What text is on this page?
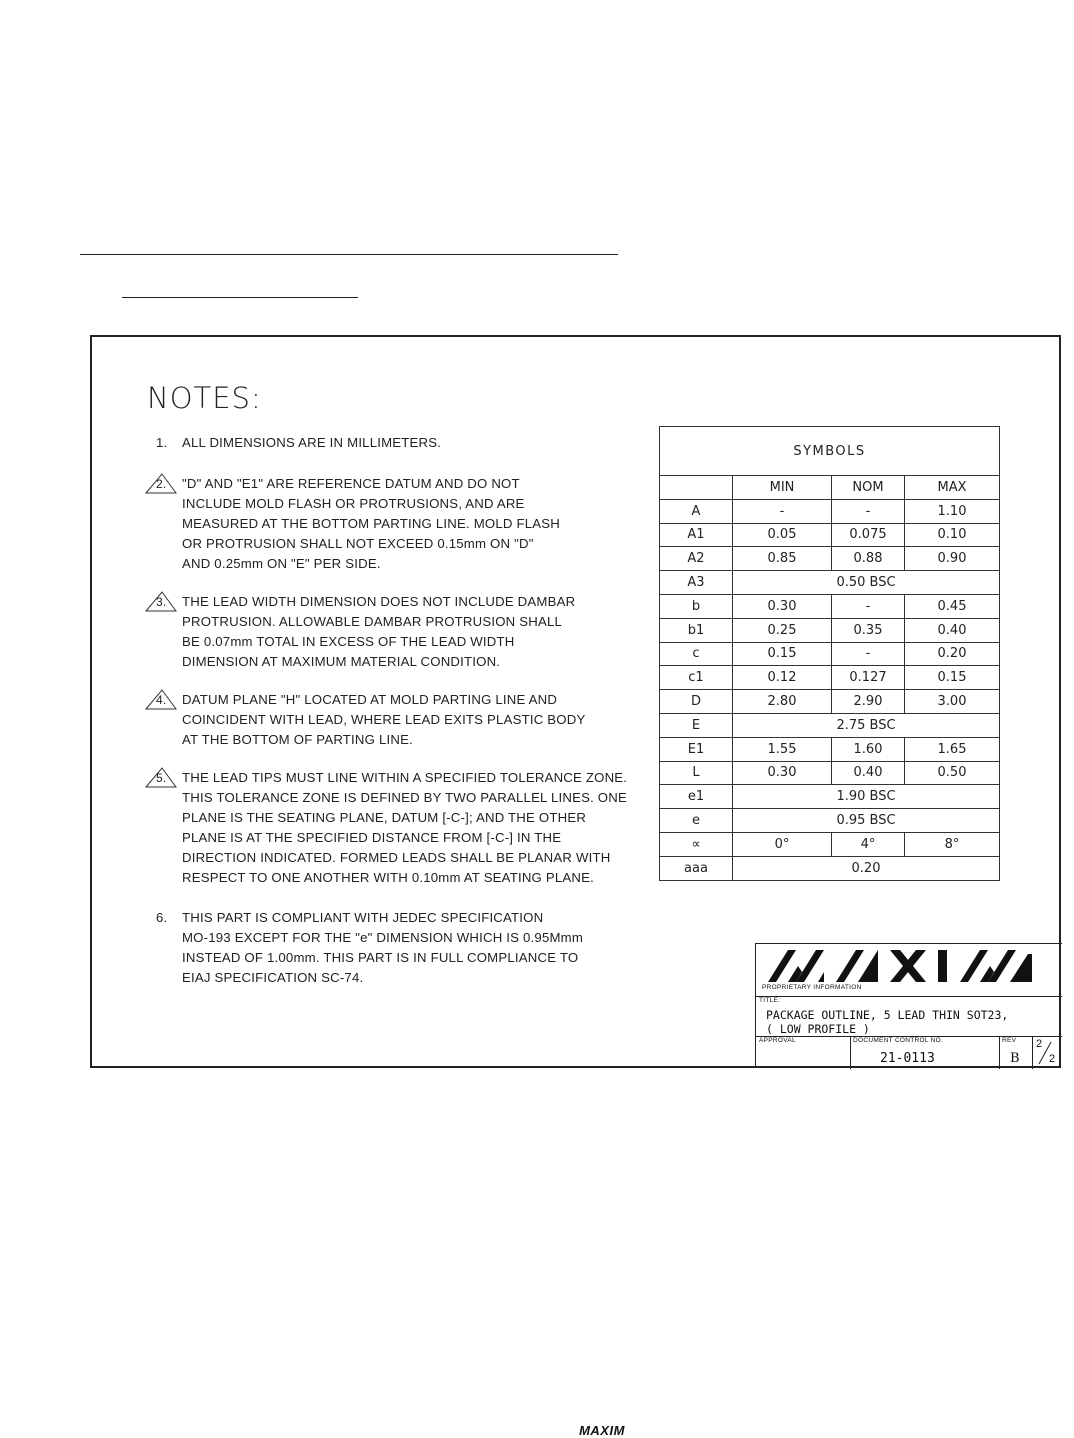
NOTES:
1. ALL DIMENSIONS ARE IN MILLIMETERS.
2. "D" AND "E1" ARE REFERENCE DATUM AND DO NOT
INCLUDE MOLD FLASH OR PROTRUSIONS, AND ARE
MEASURED AT THE BOTTOM PARTING LINE. MOLD FLASH
OR PROTRUSION SHALL NOT EXCEED 0.15mm ON "D"
AND 0.25mm ON "E" PER SIDE.
3. THE LEAD WIDTH DIMENSION DOES NOT INCLUDE DAMBAR
PROTRUSION. ALLOWABLE DAMBAR PROTRUSION SHALL
BE 0.07mm TOTAL IN EXCESS OF THE LEAD WIDTH
DIMENSION AT MAXIMUM MATERIAL CONDITION.
4. DATUM PLANE "H" LOCATED AT MOLD PARTING LINE AND
COINCIDENT WITH LEAD, WHERE LEAD EXITS PLASTIC BODY
AT THE BOTTOM OF PARTING LINE.
5. THE LEAD TIPS MUST LINE WITHIN A SPECIFIED TOLERANCE ZONE.
THIS TOLERANCE ZONE IS DEFINED BY TWO PARALLEL LINES. ONE
PLANE IS THE SEATING PLANE, DATUM [-C-]; AND THE OTHER
PLANE IS AT THE SPECIFIED DISTANCE FROM [-C-] IN THE
DIRECTION INDICATED. FORMED LEADS SHALL BE PLANAR WITH
RESPECT TO ONE ANOTHER WITH 0.10mm AT SEATING PLANE.
6. THIS PART IS COMPLIANT WITH JEDEC SPECIFICATION
MO-193 EXCEPT FOR THE "e" DIMENSION WHICH IS 0.95Mmm
INSTEAD OF 1.00mm. THIS PART IS IN FULL COMPLIANCE TO
EIAJ SPECIFICATION SC-74.
SYMBOLS			
	MIN	NOM	MAX
A	-	-	1.10
A1	0.05	0.075	0.10
A2	0.85	0.88	0.90
A3	0.50 BSC		
b	0.30	-	0.45
b1	0.25	0.35	0.40
c	0.15	-	0.20
c1	0.12	0.127	0.15
D	2.80	2.90	3.00
E	2.75 BSC		
E1	1.55	1.60	1.65
L	0.30	0.40	0.50
e1	1.90 BSC		
e	0.95 BSC		
∝	0°	4°	8°
aaa	0.20		
PROPRIETARY INFORMATION
TITLE:
PACKAGE OUTLINE, 5 LEAD THIN SOT23,
( LOW PROFILE )
APPROVAL	DOCUMENT CONTROL NO.
21-0113
REV
B
2
2
MAXIM
